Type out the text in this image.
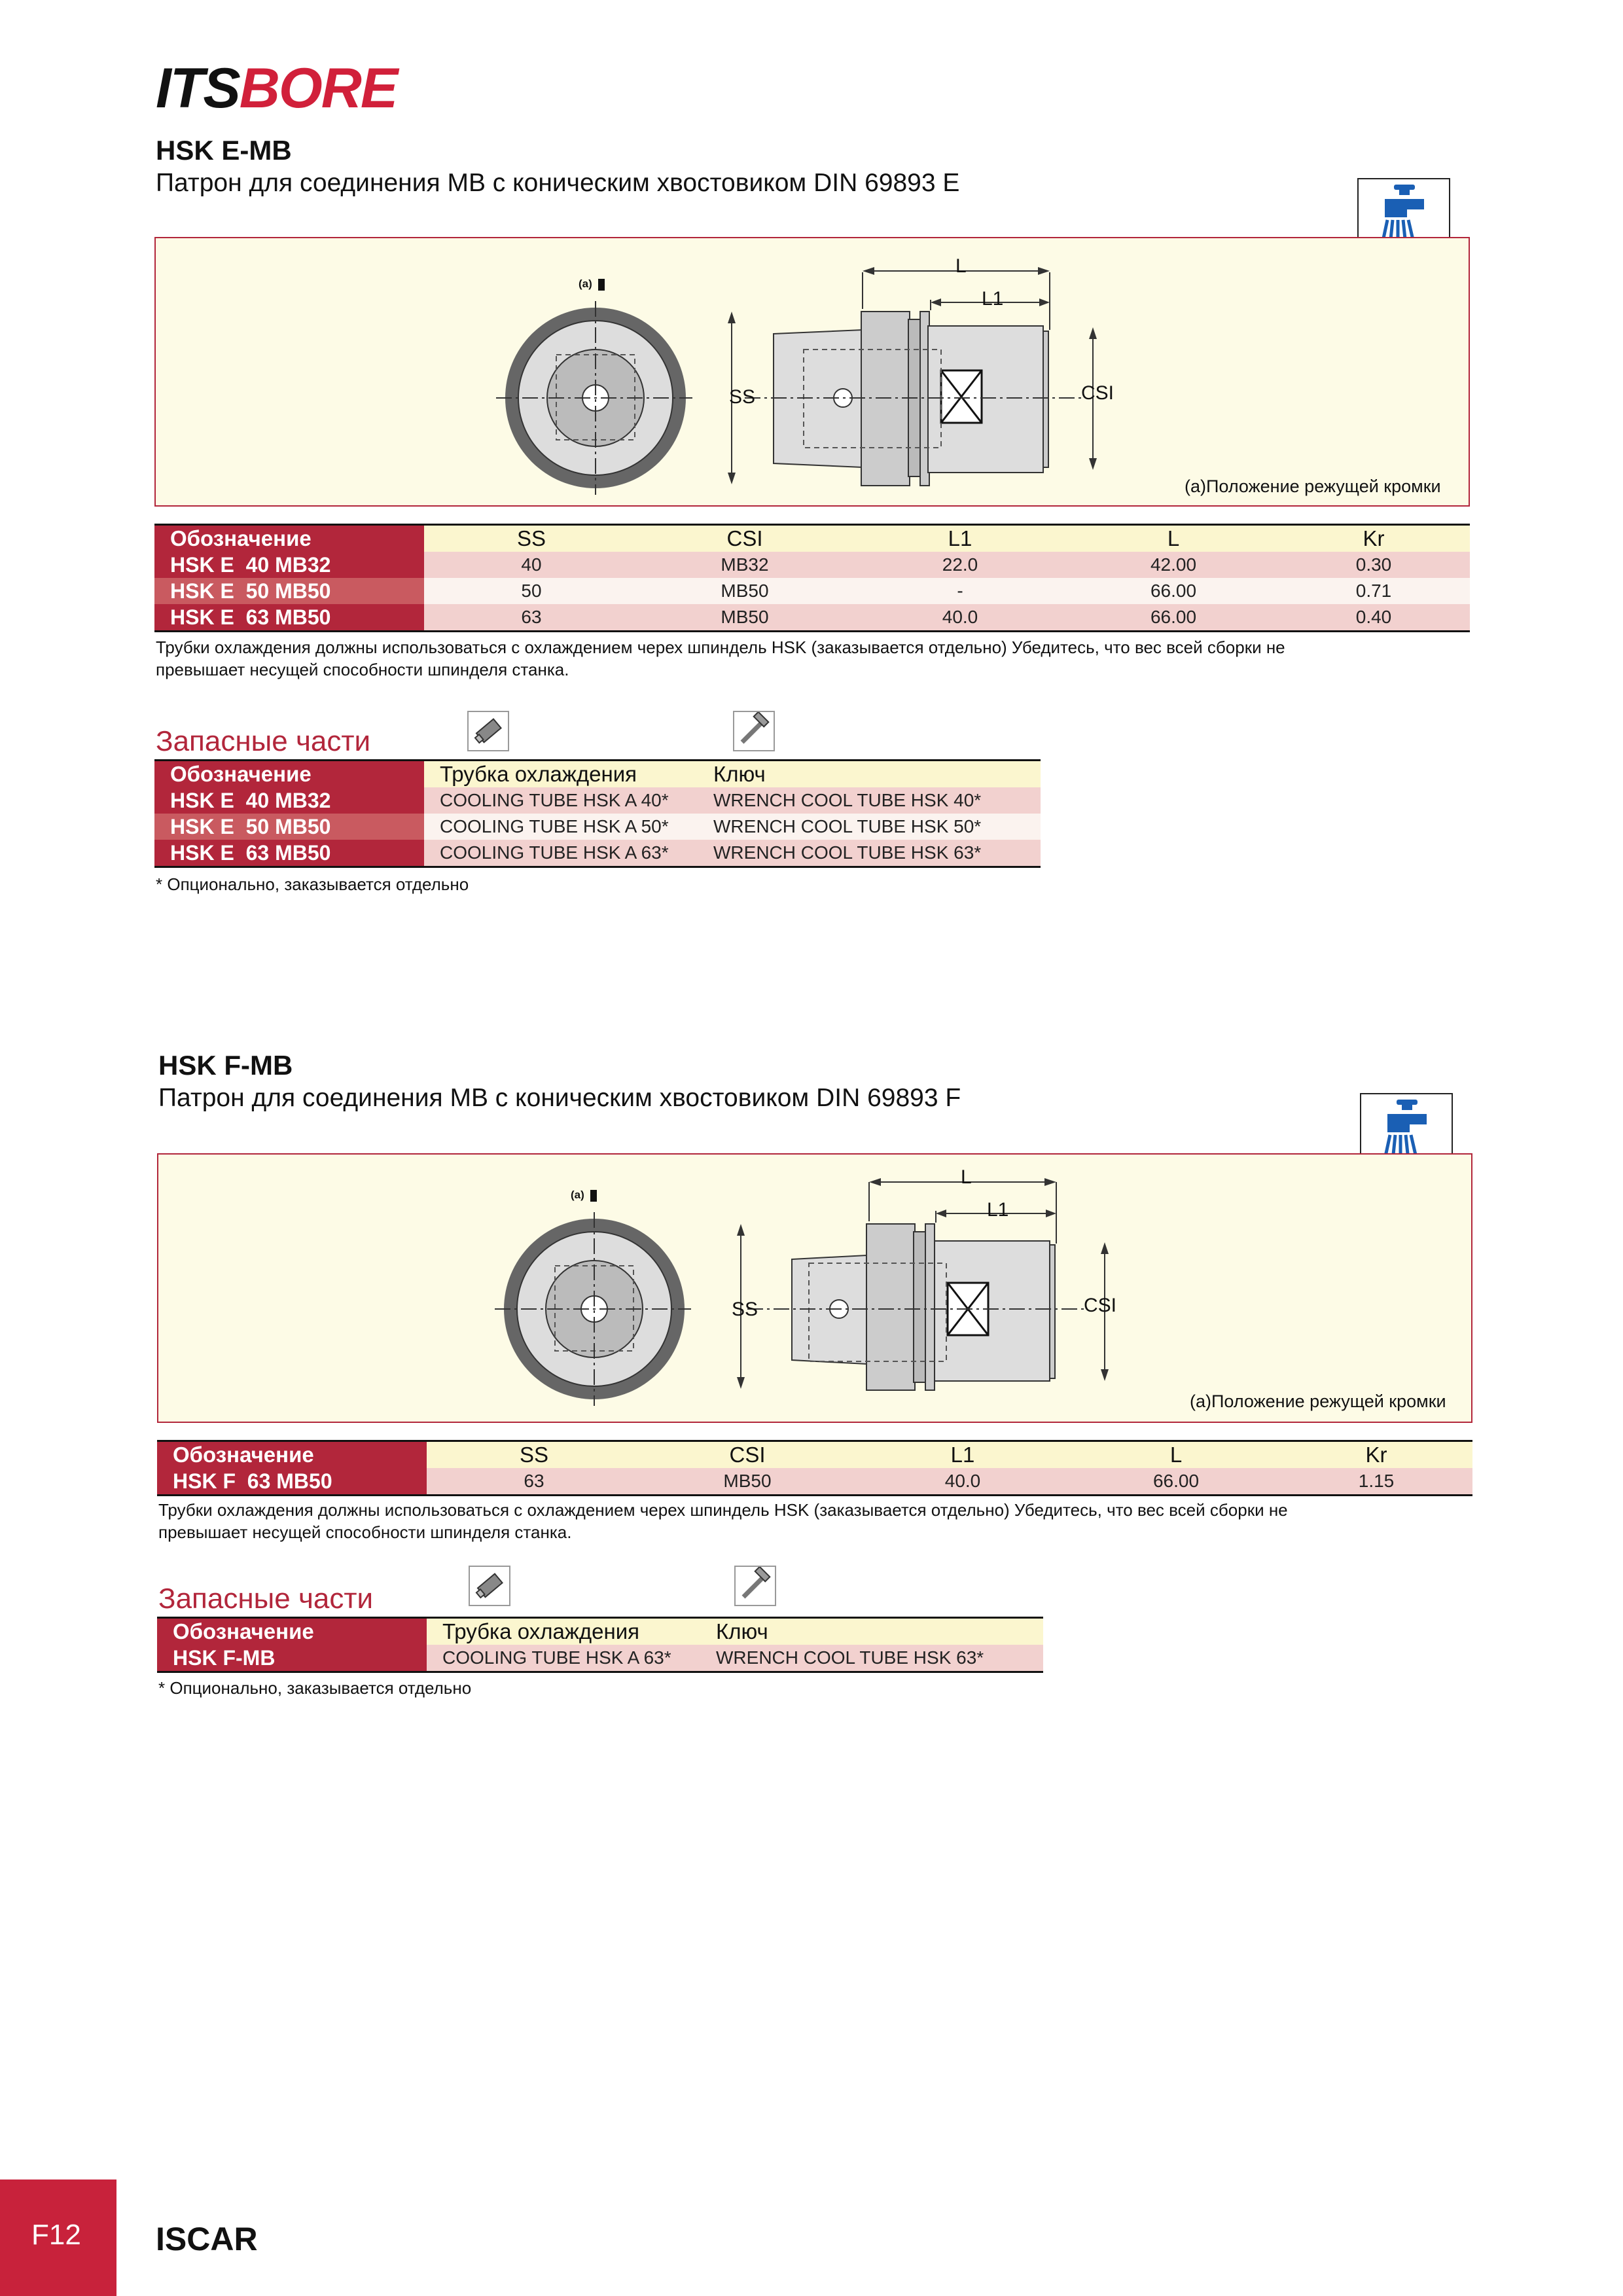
ITSBORE
HSK E-MB
Патрон для соединения MB с коническим хвостовиком DIN 69893 E
(a)
L
L1
SS	CSI
(a)Положение режущей кромки
Обозначение	SS	CSI	L1	L	Kr
HSK E  40 MB32	40	MB32	22.0	42.00	0.30
HSK E  50 MB50	50	MB50	-	66.00	0.71
HSK E  63 MB50	63	MB50	40.0	66.00	0.40
Трубки охлаждения должны использоваться с охлаждением черех шпиндель HSK (заказывается отдельно) Убедитесь, что вес всей сборки не
превышает несущей способности шпинделя станка.
Запасные части
Обозначение	Трубка охлаждения	Ключ
HSK E  40 MB32	COOLING TUBE HSK A 40*	WRENCH COOL TUBE HSK 40*
HSK E  50 MB50	COOLING TUBE HSK A 50*	WRENCH COOL TUBE HSK 50*
HSK E  63 MB50	COOLING TUBE HSK A 63*	WRENCH COOL TUBE HSK 63*
* Опционально, заказывается отдельно
HSK F-MB
Патрон для соединения MB с коническим хвостовиком DIN 69893 F
(a)
L
L1
SS	CSI
(a)Положение режущей кромки
Обозначение	SS	CSI	L1	L	Kr
HSK F  63 MB50	63	MB50	40.0	66.00	1.15
Трубки охлаждения должны использоваться с охлаждением черех шпиндель HSK (заказывается отдельно) Убедитесь, что вес всей сборки не
превышает несущей способности шпинделя станка.
Запасные части
Обозначение	Трубка охлаждения	Ключ
HSK F-MB	COOLING TUBE HSK A 63*	WRENCH COOL TUBE HSK 63*
* Опционально, заказывается отдельно
F12 ISCAR
